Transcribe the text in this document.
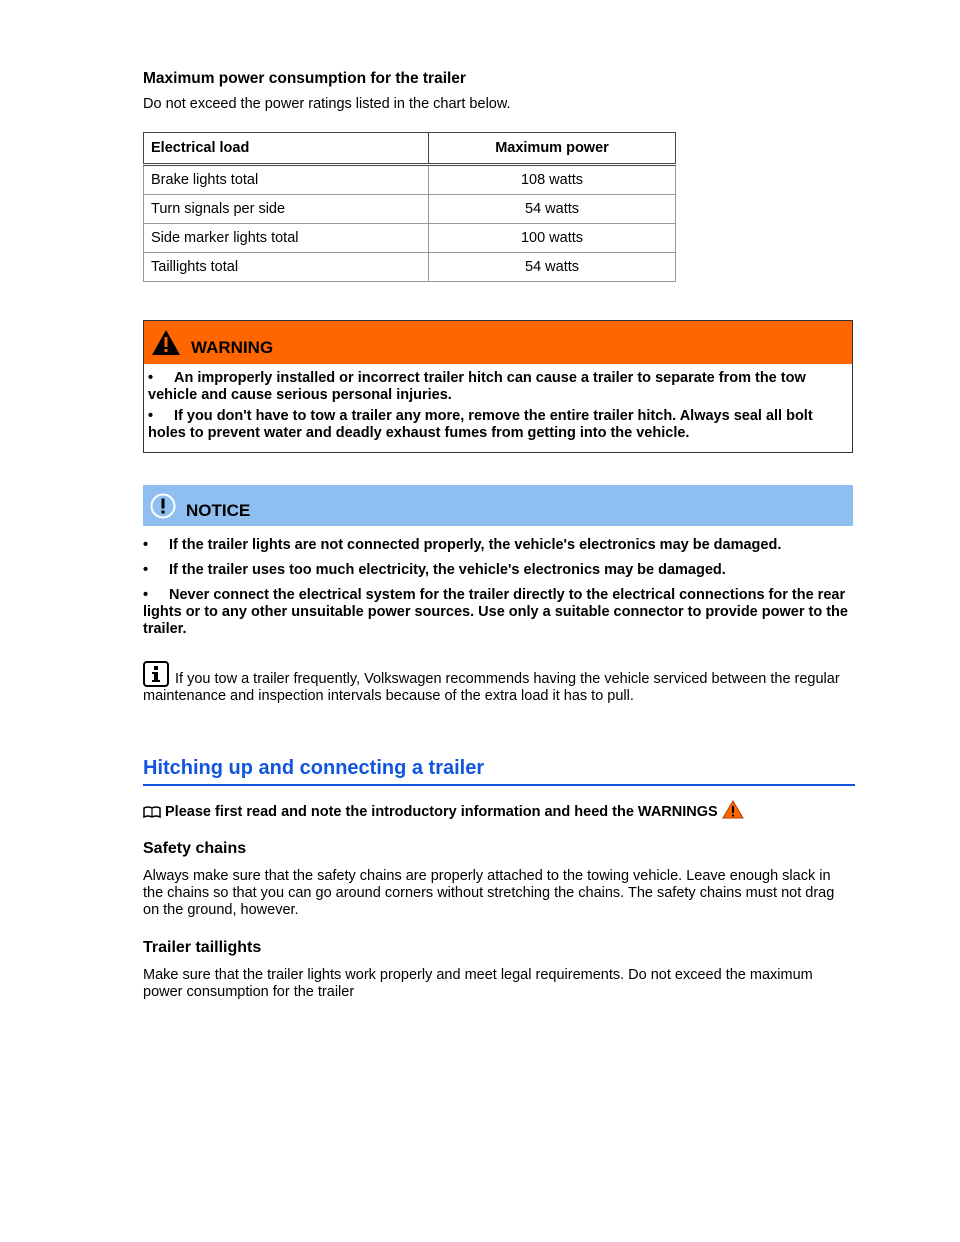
Maximum power consumption for the trailer

Do not exceed the power ratings listed in the chart below.

Electrical load	Maximum power
Brake lights total	108 watts
Turn signals per side	54 watts
Side marker lights total	100 watts
Taillights total	54 watts
WARNING
• An improperly installed or incorrect trailer hitch can cause a trailer to separate from the tow vehicle and cause serious personal injuries.
• If you don't have to tow a trailer any more, remove the entire trailer hitch. Always seal all bolt holes to prevent water and deadly exhaust fumes from getting into the vehicle.
NOTICE
• If the trailer lights are not connected properly, the vehicle's electronics may be damaged.
• If the trailer uses too much electricity, the vehicle's electronics may be damaged.
• Never connect the electrical system for the trailer directly to the electrical connections for the rear lights or to any other unsuitable power sources. Use only a suitable connector to provide power to the trailer.
If you tow a trailer frequently, Volkswagen recommends having the vehicle serviced between the regular maintenance and inspection intervals because of the extra load it has to pull.
Hitching up and connecting a trailer
Please first read and note the introductory information and heed the WARNINGS
Safety chains

Always make sure that the safety chains are properly attached to the towing vehicle. Leave enough slack in the chains so that you can go around corners without stretching the chains. The safety chains must not drag on the ground, however.

Trailer taillights

Make sure that the trailer lights work properly and meet legal requirements. Do not exceed the maximum power consumption for the trailer
